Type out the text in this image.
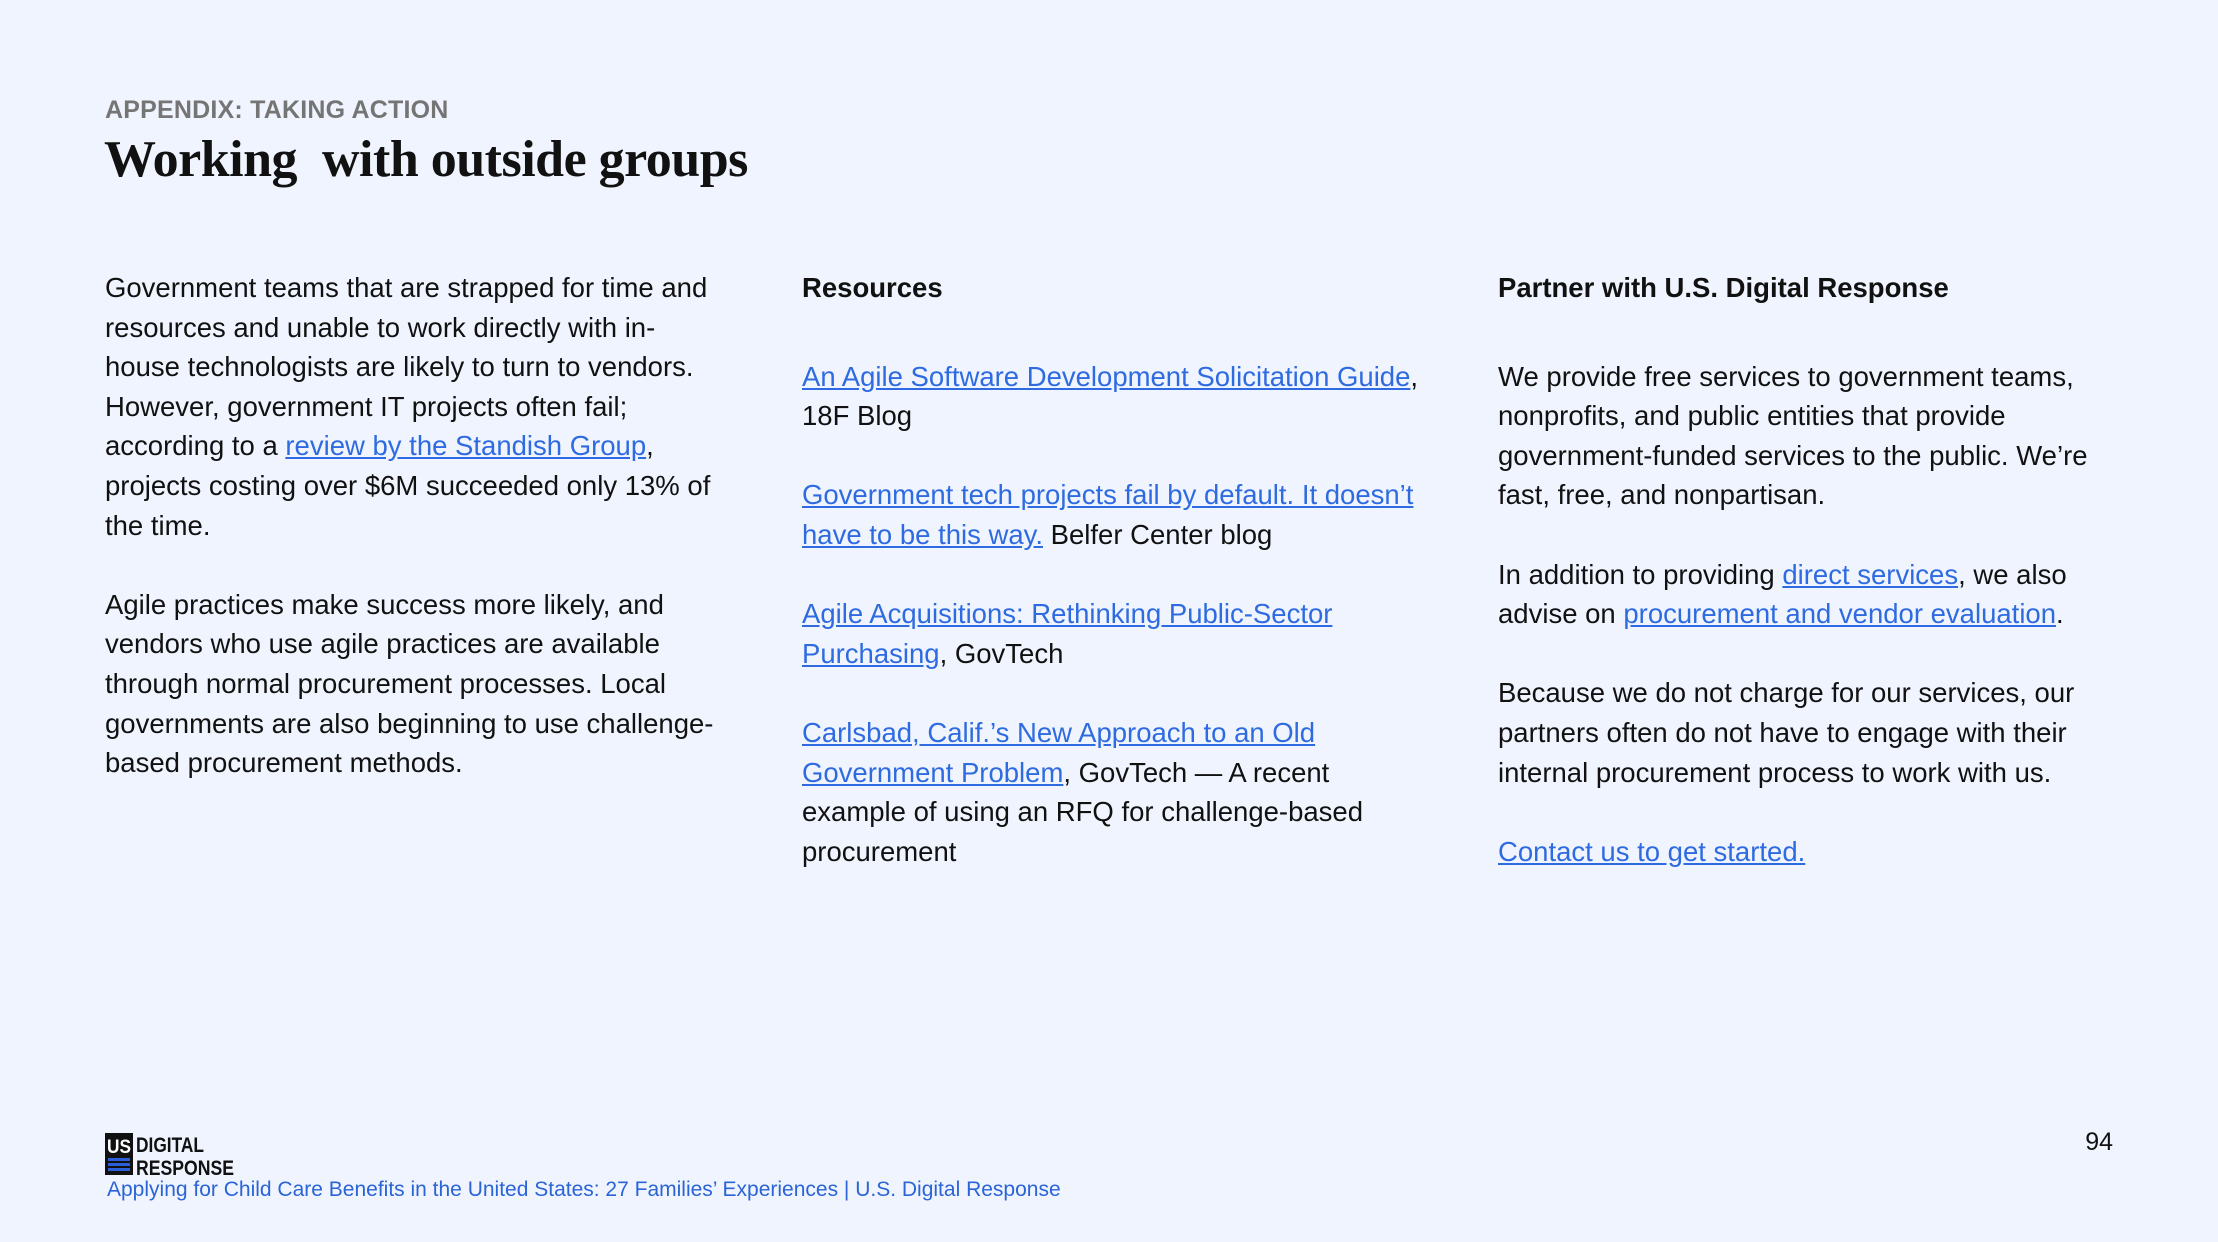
APPENDIX: TAKING ACTION
Working  with outside groups

Government teams that are strapped for time and resources and unable to work directly with in-house technologists are likely to turn to vendors. However, government IT projects often fail; according to a review by the Standish Group, projects costing over $6M succeeded only 13% of the time.

Agile practices make success more likely, and vendors who use agile practices are available through normal procurement processes. Local governments are also beginning to use challenge-based procurement methods.

Resources

An Agile Software Development Solicitation Guide, 18F Blog

Government tech projects fail by default. It doesn’t have to be this way. Belfer Center blog

Agile Acquisitions: Rethinking Public-Sector Purchasing, GovTech

Carlsbad, Calif.’s New Approach to an Old Government Problem, GovTech — A recent example of using an RFQ for challenge-based procurement

Partner with U.S. Digital Response

We provide free services to government teams, nonprofits, and public entities that provide government-funded services to the public. We’re fast, free, and nonpartisan.

In addition to providing direct services, we also advise on procurement and vendor evaluation.

Because we do not charge for our services, our partners often do not have to engage with their internal procurement process to work with us.

Contact us to get started.

US DIGITAL
RESPONSE
Applying for Child Care Benefits in the United States: 27 Families’ Experiences | U.S. Digital Response
94
